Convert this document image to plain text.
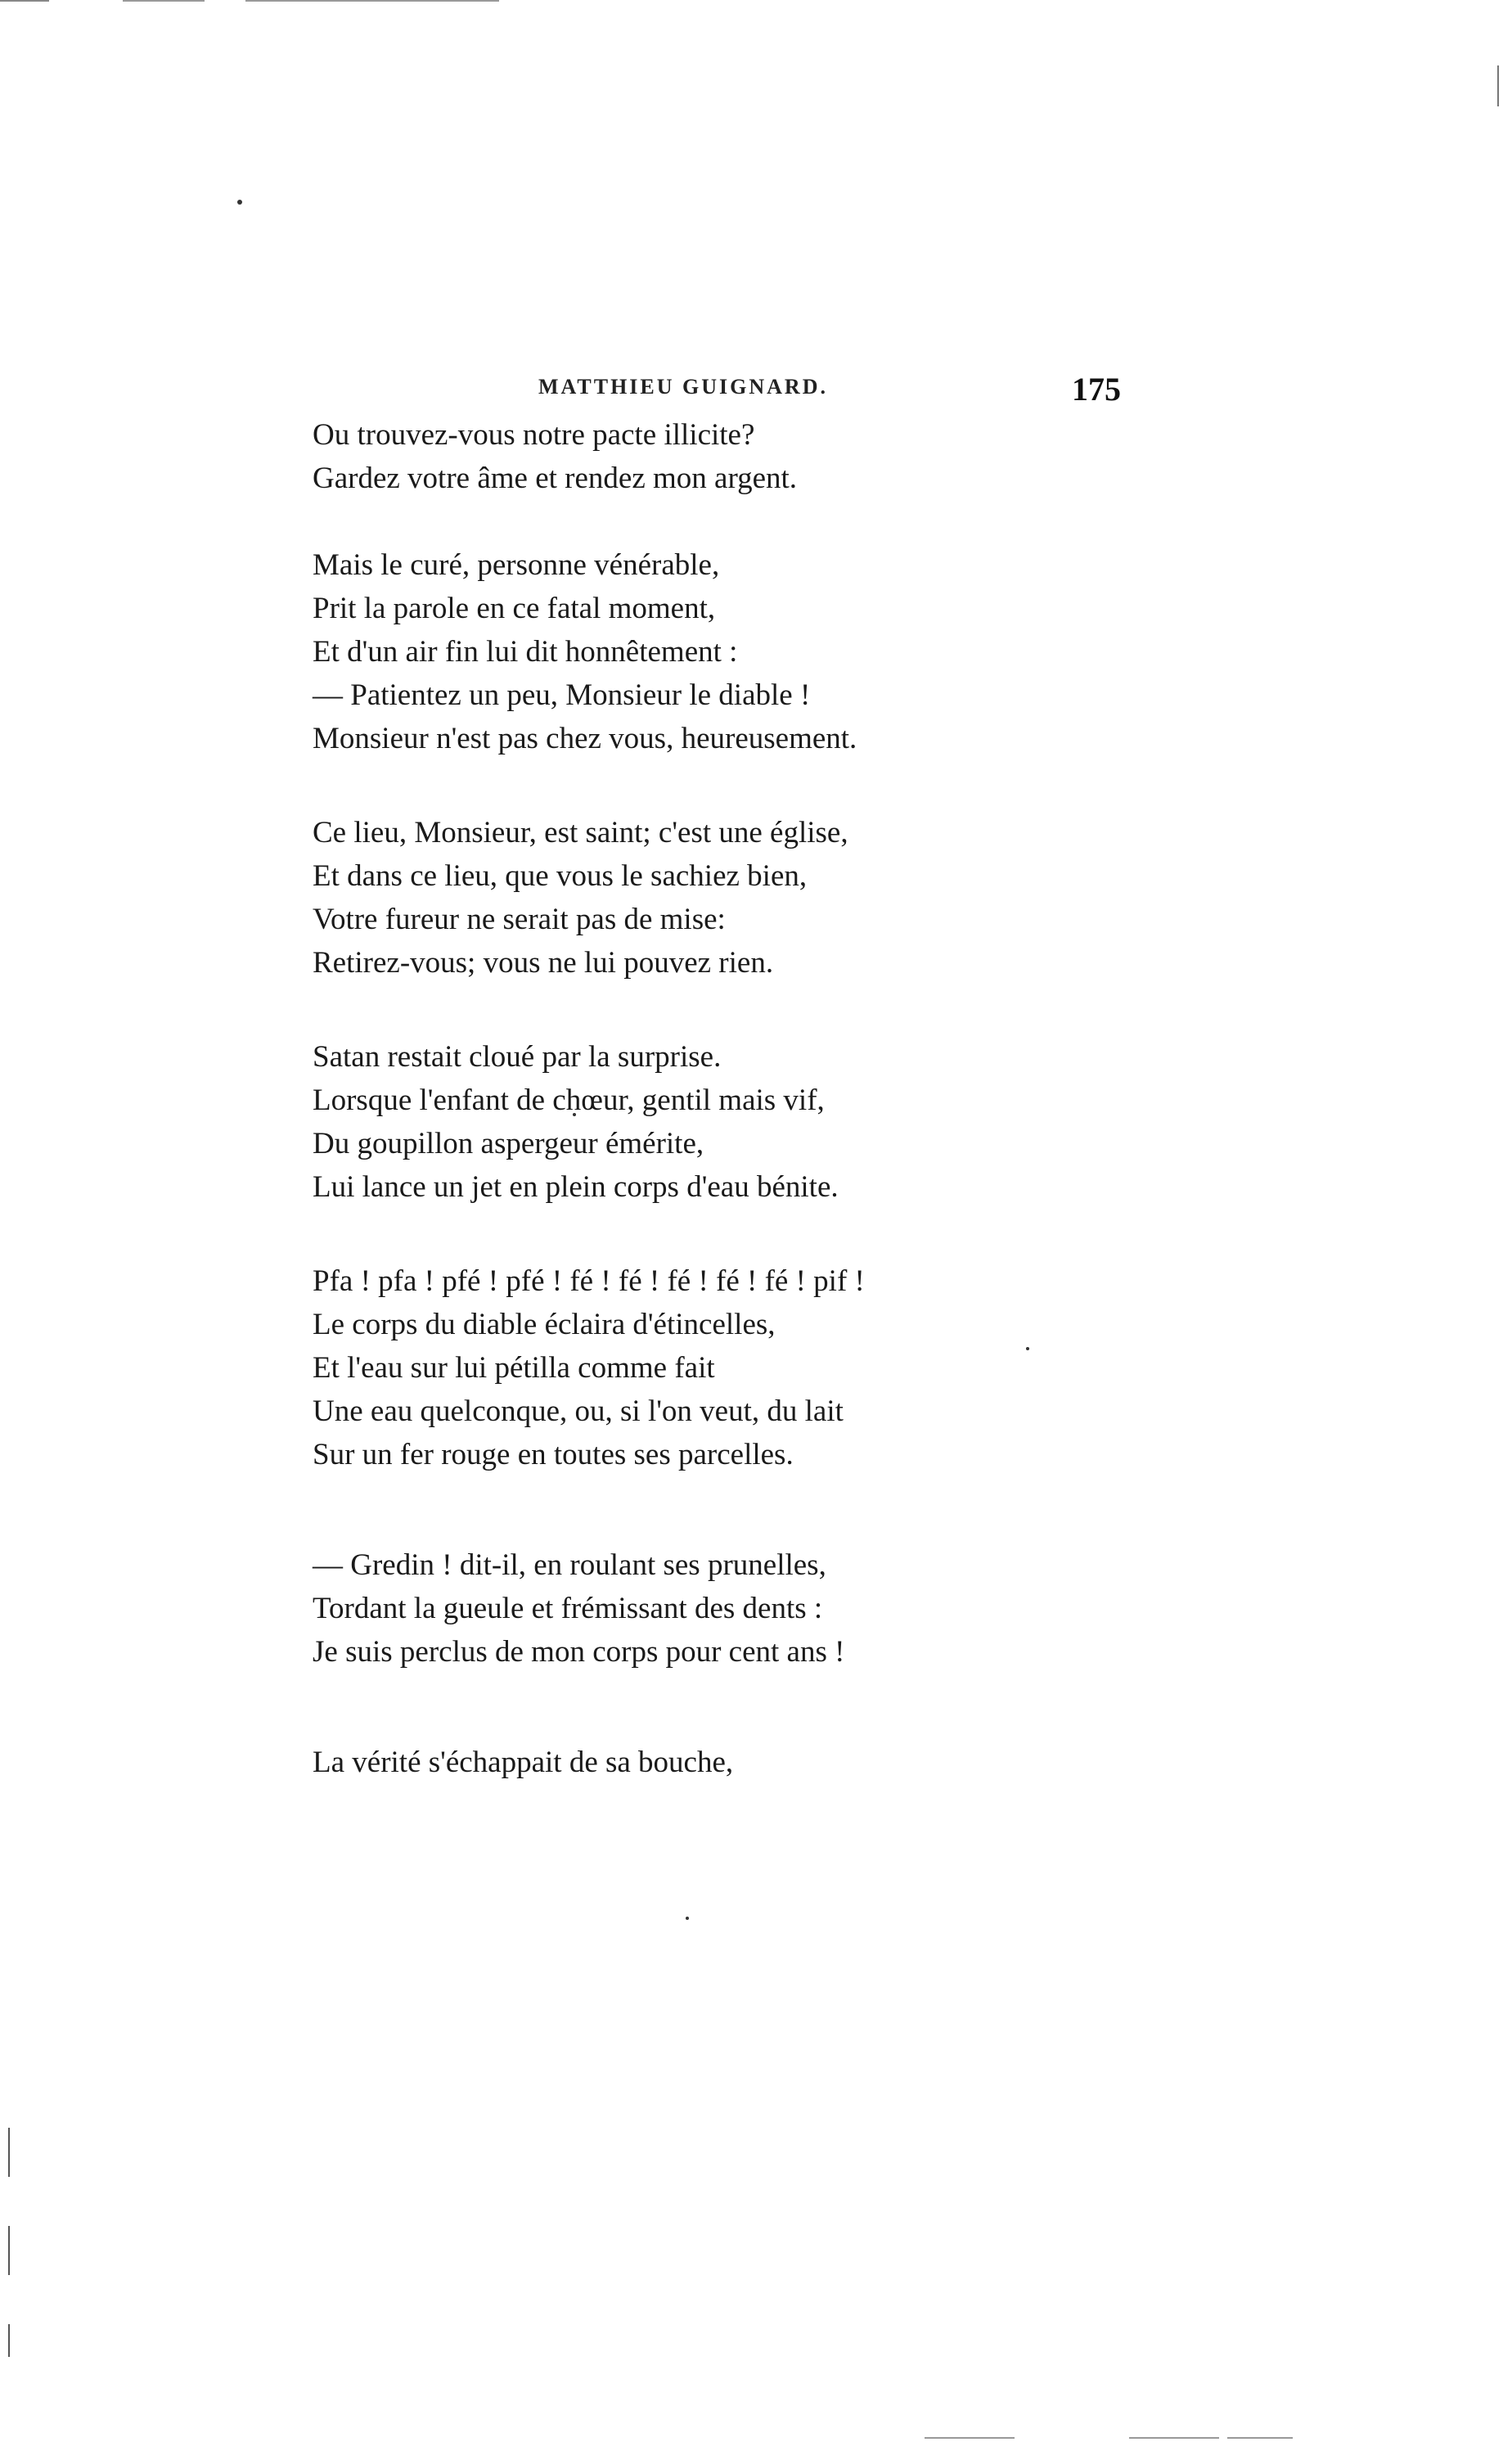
MATTHIEU GUIGNARD.	175
Ou trouvez-vous notre pacte illicite?
Gardez votre âme et rendez mon argent.
Mais le curé, personne vénérable,
Prit la parole en ce fatal moment,
Et d'un air fin lui dit honnêtement :
— Patientez un peu, Monsieur le diable !
Monsieur n'est pas chez vous, heureusement.
Ce lieu, Monsieur, est saint; c'est une église,
Et dans ce lieu, que vous le sachiez bien,
Votre fureur ne serait pas de mise:
Retirez-vous; vous ne lui pouvez rien.
Satan restait cloué par la surprise.
Lorsque l'enfant de chœur, gentil mais vif,
Du goupillon aspergeur émérite,
Lui lance un jet en plein corps d'eau bénite.
Pfa ! pfa ! pfé ! pfé ! fé ! fé ! fé ! fé ! fé ! pif !
Le corps du diable éclaira d'étincelles,
Et l'eau sur lui pétilla comme fait
Une eau quelconque, ou, si l'on veut, du lait
Sur un fer rouge en toutes ses parcelles.
— Gredin ! dit-il, en roulant ses prunelles,
Tordant la gueule et frémissant des dents :
Je suis perclus de mon corps pour cent ans !
La vérité s'échappait de sa bouche,
